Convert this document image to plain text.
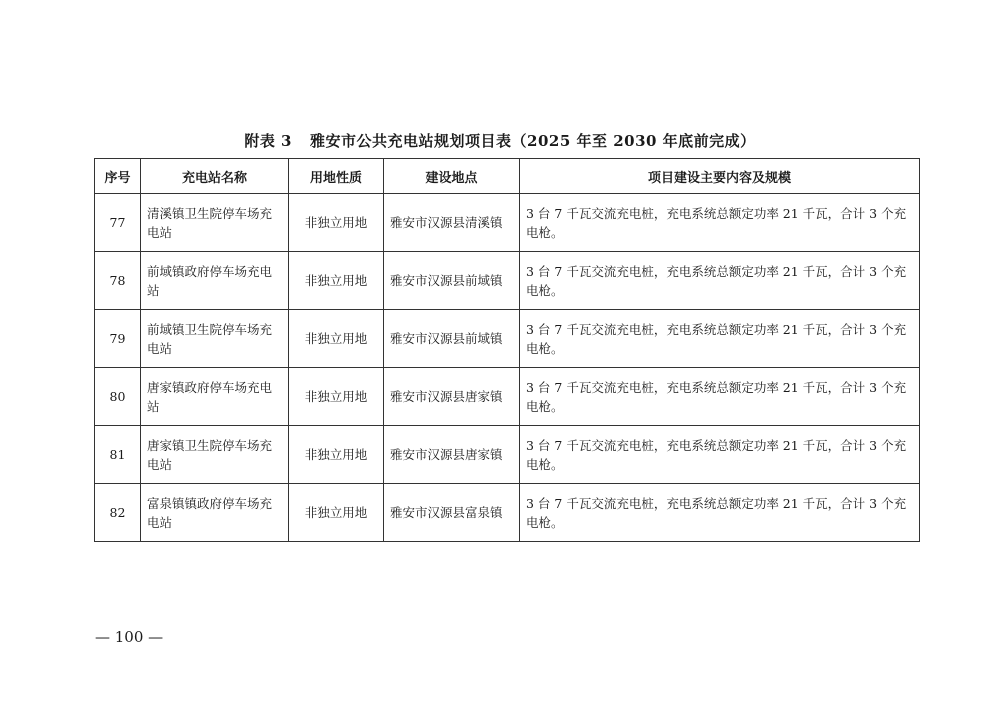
附表 3 雅安市公共充电站规划项目表（2025 年至 2030 年底前完成）
序号	充电站名称	用地性质	建设地点	项目建设主要内容及规模
77	清溪镇卫生院停车场充电站	非独立用地	雅安市汉源县清溪镇	3 台 7 千瓦交流充电桩，充电系统总额定功率 21 千瓦，合计 3 个充电枪。
78	前域镇政府停车场充电站	非独立用地	雅安市汉源县前域镇	3 台 7 千瓦交流充电桩，充电系统总额定功率 21 千瓦，合计 3 个充电枪。
79	前域镇卫生院停车场充电站	非独立用地	雅安市汉源县前域镇	3 台 7 千瓦交流充电桩，充电系统总额定功率 21 千瓦，合计 3 个充电枪。
80	唐家镇政府停车场充电站	非独立用地	雅安市汉源县唐家镇	3 台 7 千瓦交流充电桩，充电系统总额定功率 21 千瓦，合计 3 个充电枪。
81	唐家镇卫生院停车场充电站	非独立用地	雅安市汉源县唐家镇	3 台 7 千瓦交流充电桩，充电系统总额定功率 21 千瓦，合计 3 个充电枪。
82	富泉镇镇政府停车场充电站	非独立用地	雅安市汉源县富泉镇	3 台 7 千瓦交流充电桩，充电系统总额定功率 21 千瓦，合计 3 个充电枪。
— 100 —
